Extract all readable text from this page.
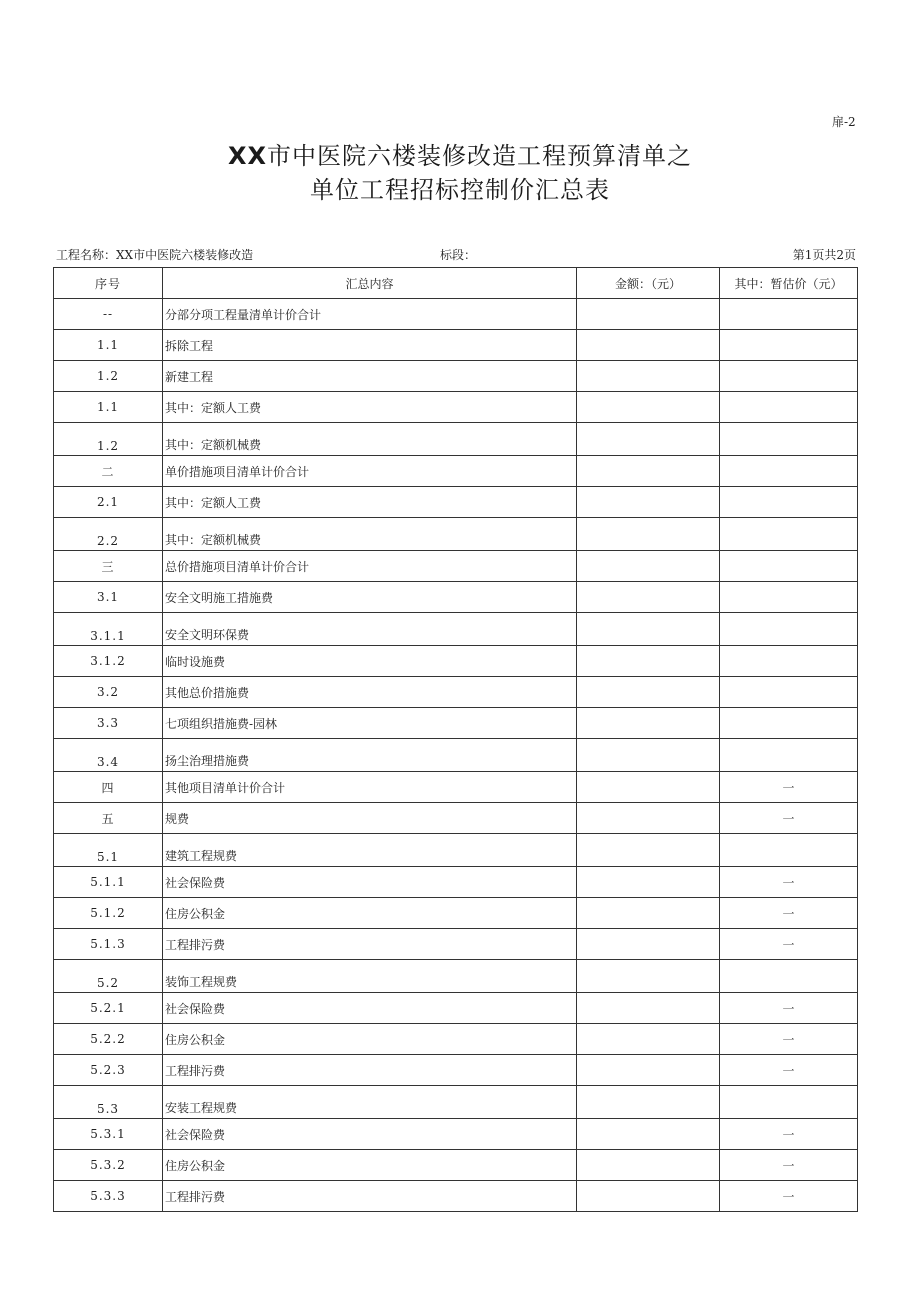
扉-2
XX市中医院六楼装修改造工程预算清单之
单位工程招标控制价汇总表
工程名称：XX市中医院六楼装修改造	标段：	第1页共2页
序号	汇总内容	金额：（元）	其中：暂估价（元）
--	分部分项工程量清单计价合计		
1.1	拆除工程		
1.2	新建工程		
1.1	其中：定额人工费		
1.2	其中：定额机械费		
二	单价措施项目清单计价合计		
2.1	其中：定额人工费		
2.2	其中：定额机械费		
三	总价措施项目清单计价合计		
3.1	安全文明施工措施费		
3.1.1	安全文明环保费		
3.1.2	临时设施费		
3.2	其他总价措施费		
3.3	七项组织措施费-园林		
3.4	扬尘治理措施费		
四	其他项目清单计价合计		一
五	规费		一
5.1	建筑工程规费		
5.1.1	社会保险费		一
5.1.2	住房公积金		一
5.1.3	工程排污费		一
5.2	装饰工程规费		
5.2.1	社会保险费		一
5.2.2	住房公积金		一
5.2.3	工程排污费		一
5.3	安装工程规费		
5.3.1	社会保险费		一
5.3.2	住房公积金		一
5.3.3	工程排污费		一
